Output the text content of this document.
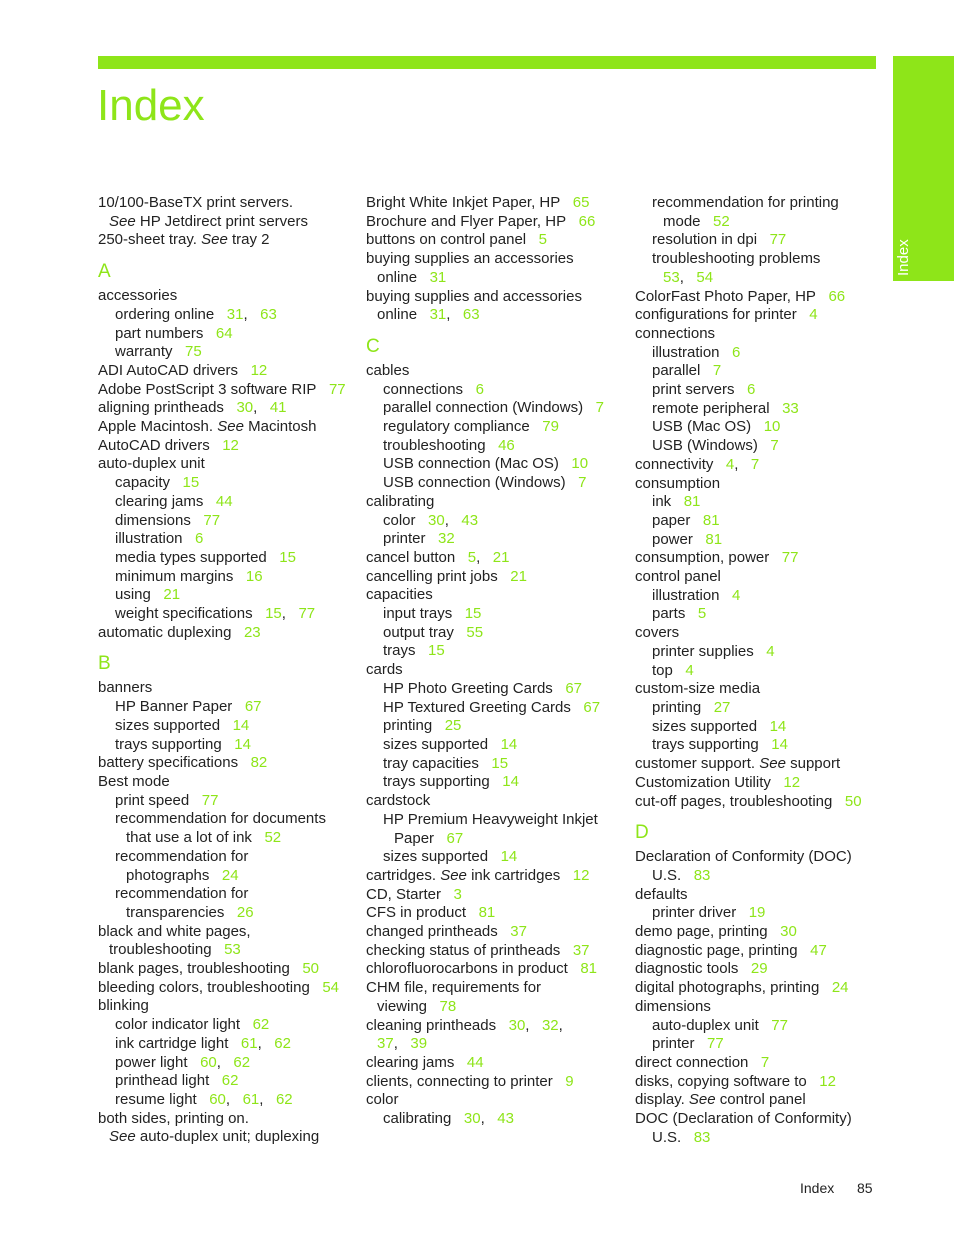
Index
Index
10/100-BaseTX print servers.
See HP Jetdirect print servers
250-sheet tray. See tray 2
A
accessories
ordering online 31,   63
part numbers 64
warranty 75
ADI AutoCAD drivers 12
Adobe PostScript 3 software RIP 77
aligning printheads 30,   41
Apple Macintosh. See Macintosh
AutoCAD drivers 12
auto-duplex unit
capacity 15
clearing jams 44
dimensions 77
illustration 6
media types supported 15
minimum margins 16
using 21
weight specifications 15,   77
automatic duplexing 23
B
banners
HP Banner Paper 67
sizes supported 14
trays supporting 14
battery specifications 82
Best mode
print speed 77
recommendation for documents
that use a lot of ink 52
recommendation for
photographs 24
recommendation for
transparencies 26
black and white pages,
troubleshooting 53
blank pages, troubleshooting 50
bleeding colors, troubleshooting 54
blinking
color indicator light 62
ink cartridge light 61,   62
power light 60,   62
printhead light 62
resume light 60,   61,   62
both sides, printing on.
See auto-duplex unit; duplexing
Bright White Inkjet Paper, HP 65
Brochure and Flyer Paper, HP 66
buttons on control panel 5
buying supplies an accessories
online 31
buying supplies and accessories
online 31,   63
C
cables
connections 6
parallel connection (Windows) 7
regulatory compliance 79
troubleshooting 46
USB connection (Mac OS) 10
USB connection (Windows) 7
calibrating
color 30,   43
printer 32
cancel button 5,   21
cancelling print jobs 21
capacities
input trays 15
output tray 55
trays 15
cards
HP Photo Greeting Cards 67
HP Textured Greeting Cards 67
printing 25
sizes supported 14
tray capacities 15
trays supporting 14
cardstock
HP Premium Heavyweight Inkjet
Paper 67
sizes supported 14
cartridges. See ink cartridges 12
CD, Starter 3
CFS in product 81
changed printheads 37
checking status of printheads 37
chlorofluorocarbons in product 81
CHM file, requirements for
viewing 78
cleaning printheads 30,   32,
37,   39
clearing jams 44
clients, connecting to printer 9
color
calibrating 30,   43
recommendation for printing
mode 52
resolution in dpi 77
troubleshooting problems
53,   54
ColorFast Photo Paper, HP 66
configurations for printer 4
connections
illustration 6
parallel 7
print servers 6
remote peripheral 33
USB (Mac OS) 10
USB (Windows) 7
connectivity 4,   7
consumption
ink 81
paper 81
power 81
consumption, power 77
control panel
illustration 4
parts 5
covers
printer supplies 4
top 4
custom-size media
printing 27
sizes supported 14
trays supporting 14
customer support. See support
Customization Utility 12
cut-off pages, troubleshooting 50
D
Declaration of Conformity (DOC)
U.S. 83
defaults
printer driver 19
demo page, printing 30
diagnostic page, printing 47
diagnostic tools 29
digital photographs, printing 24
dimensions
auto-duplex unit 77
printer 77
direct connection 7
disks, copying software to 12
display. See control panel
DOC (Declaration of Conformity)
U.S. 83
Index 85
